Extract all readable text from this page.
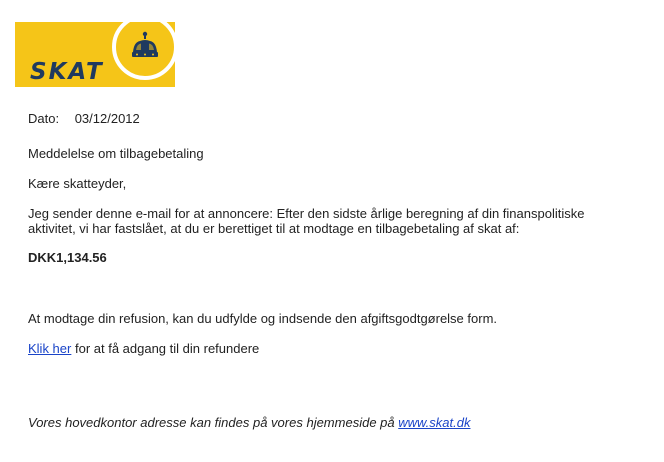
SKAT
Dato: 03/12/2012
Meddelelse om tilbagebetaling
Kære skatteyder,
Jeg sender denne e-mail for at annoncere: Efter den sidste årlige beregning af din finanspolitiske aktivitet, vi har fastslået, at du er berettiget til at modtage en tilbagebetaling af skat af:
DKK1,134.56
At modtage din refusion, kan du udfylde og indsende den afgiftsgodtgørelse form.
Klik her for at få adgang til din refundere
Vores hovedkontor adresse kan findes på vores hjemmeside på www.skat.dk
